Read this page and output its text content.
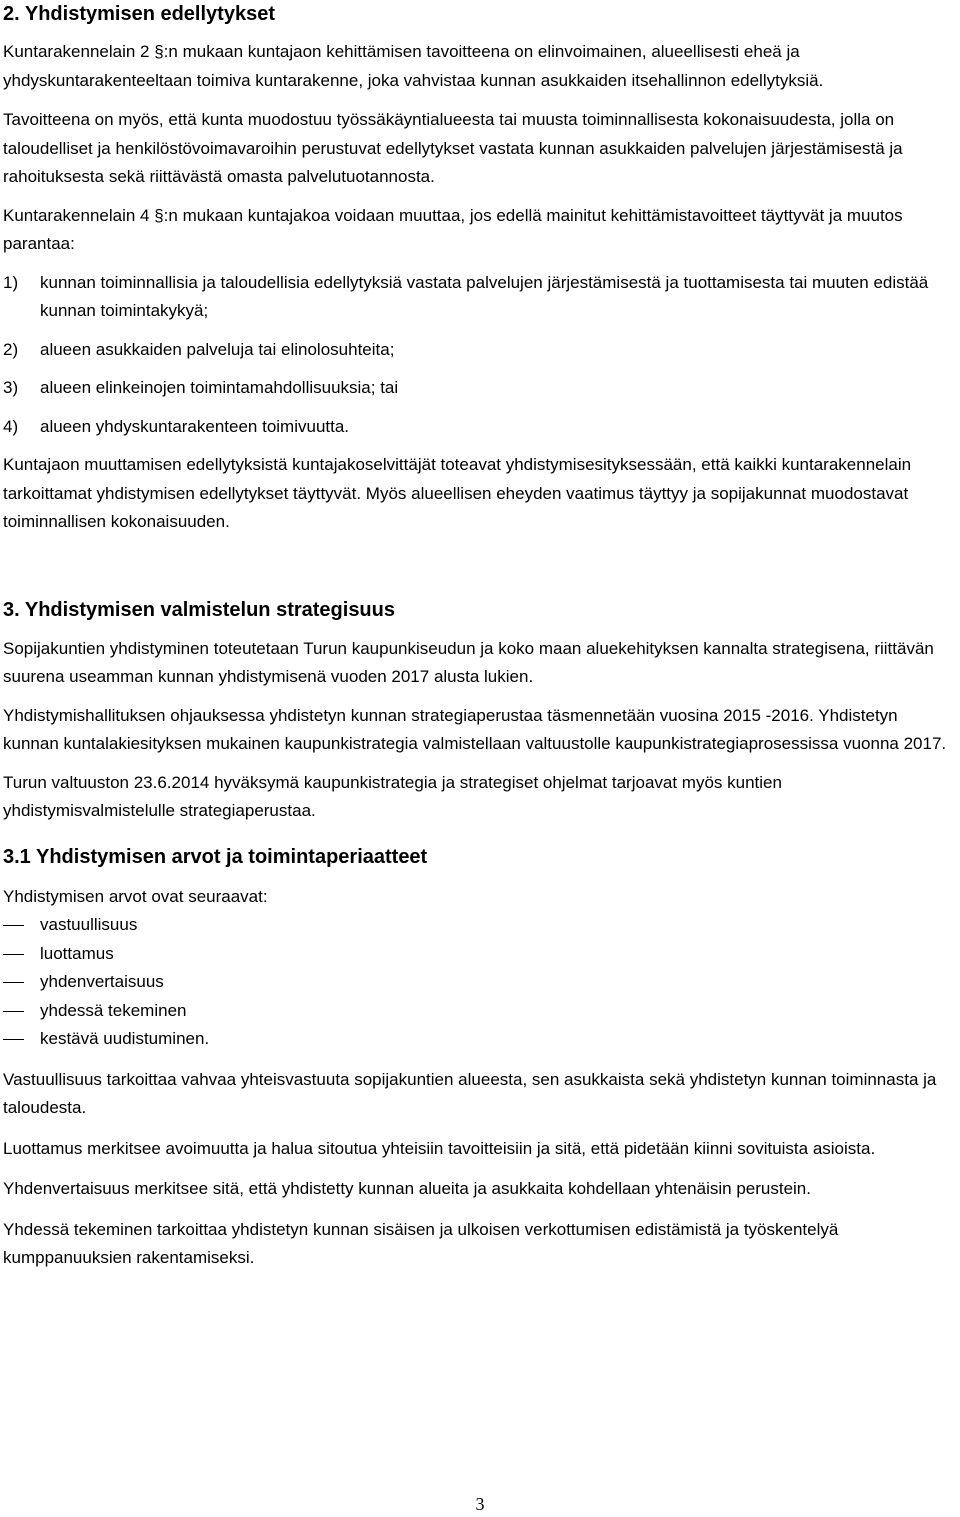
2. Yhdistymisen edellytykset

Kuntarakennelain 2 §:n mukaan kuntajaon kehittämisen tavoitteena on elinvoimainen, alueellisesti eheä ja yhdyskuntarakenteeltaan toimiva kuntarakenne, joka vahvistaa kunnan asukkaiden itsehallinnon edellytyksiä.

Tavoitteena on myös, että kunta muodostuu työssäkäyntialueesta tai muusta toiminnallisesta kokonaisuudesta, jolla on taloudelliset ja henkilöstövoimavaroihin perustuvat edellytykset vastata kunnan asukkaiden palvelujen järjestämisestä ja rahoituksesta sekä riittävästä omasta palvelutuotannosta.

Kuntarakennelain 4 §:n mukaan kuntajakoa voidaan muuttaa, jos edellä mainitut kehittämistavoitteet täyttyvät ja muutos parantaa:

1) kunnan toiminnallisia ja taloudellisia edellytyksiä vastata palvelujen järjestämisestä ja tuottamisesta tai muuten edistää kunnan toimintakykyä;
2) alueen asukkaiden palveluja tai elinolosuhteita;
3) alueen elinkeinojen toimintamahdollisuuksia; tai
4) alueen yhdyskuntarakenteen toimivuutta.

Kuntajaon muuttamisen edellytyksistä kuntajakoselvittäjät toteavat yhdistymisesityksessään, että kaikki kuntarakennelain tarkoittamat yhdistymisen edellytykset täyttyvät. Myös alueellisen eheyden vaatimus täyttyy ja sopijakunnat muodostavat toiminnallisen kokonaisuuden.

3. Yhdistymisen valmistelun strategisuus

Sopijakuntien yhdistyminen toteutetaan Turun kaupunkiseudun ja koko maan aluekehityksen kannalta strategisena, riittävän suurena useamman kunnan yhdistymisenä vuoden 2017 alusta lukien.

Yhdistymishallituksen ohjauksessa yhdistetyn kunnan strategiaperustaa täsmennetään vuosina 2015 -2016. Yhdistetyn kunnan kuntalakiesityksen mukainen kaupunkistrategia valmistellaan valtuustolle kaupunkistrategiaprosessissa vuonna 2017.

Turun valtuuston 23.6.2014 hyväksymä kaupunkistrategia ja strategiset ohjelmat tarjoavat myös kuntien yhdistymisvalmistelulle strategiaperustaa.

3.1 Yhdistymisen arvot ja toimintaperiaatteet

Yhdistymisen arvot ovat seuraavat:

vastuullisuus
luottamus
yhdenvertaisuus
yhdessä tekeminen
kestävä uudistuminen.

Vastuullisuus tarkoittaa vahvaa yhteisvastuuta sopijakuntien alueesta, sen asukkaista sekä yhdistetyn kunnan toiminnasta ja taloudesta.

Luottamus merkitsee avoimuutta ja halua sitoutua yhteisiin tavoitteisiin ja sitä, että pidetään kiinni sovituista asioista.

Yhdenvertaisuus merkitsee sitä, että yhdistetty kunnan alueita ja asukkaita kohdellaan yhtenäisin perustein.

Yhdessä tekeminen tarkoittaa yhdistetyn kunnan sisäisen ja ulkoisen verkottumisen edistämistä ja työskentelyä kumppanuuksien rakentamiseksi.

3
